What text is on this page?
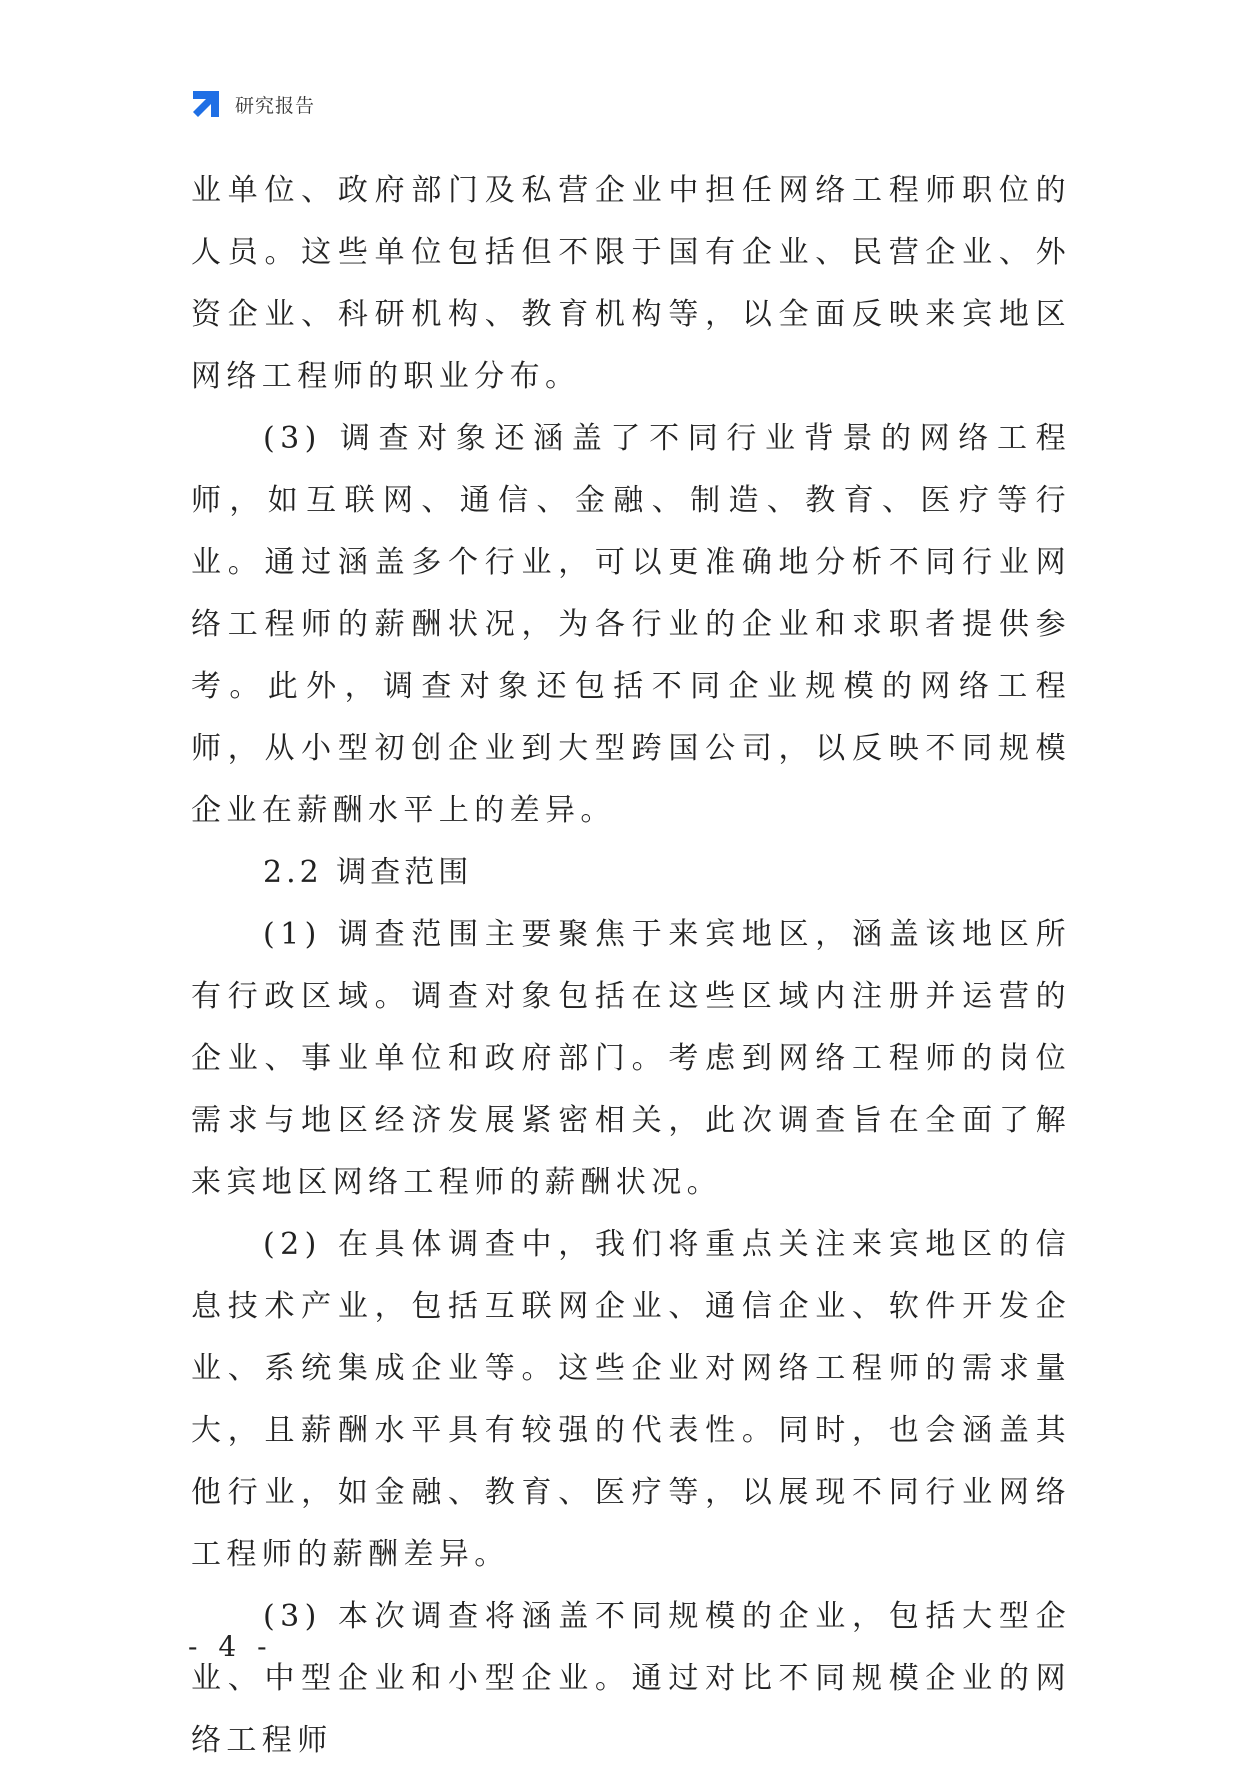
研究报告

业单位、政府部门及私营企业中担任网络工程师职位的人员。这些单位包括但不限于国有企业、民营企业、外资企业、科研机构、教育机构等，以全面反映来宾地区网络工程师的职业分布。

(3) 调查对象还涵盖了不同行业背景的网络工程师，如互联网、通信、金融、制造、教育、医疗等行业。通过涵盖多个行业，可以更准确地分析不同行业网络工程师的薪酬状况，为各行业的企业和求职者提供参考。此外，调查对象还包括不同企业规模的网络工程师，从小型初创企业到大型跨国公司，以反映不同规模企业在薪酬水平上的差异。

2.2 调查范围

(1) 调查范围主要聚焦于来宾地区，涵盖该地区所有行政区域。调查对象包括在这些区域内注册并运营的企业、事业单位和政府部门。考虑到网络工程师的岗位需求与地区经济发展紧密相关，此次调查旨在全面了解来宾地区网络工程师的薪酬状况。

(2) 在具体调查中，我们将重点关注来宾地区的信息技术产业，包括互联网企业、通信企业、软件开发企业、系统集成企业等。这些企业对网络工程师的需求量大，且薪酬水平具有较强的代表性。同时，也会涵盖其他行业，如金融、教育、医疗等，以展现不同行业网络工程师的薪酬差异。

(3) 本次调查将涵盖不同规模的企业，包括大型企业、中型企业和小型企业。通过对比不同规模企业的网络工程师

- 4 -
